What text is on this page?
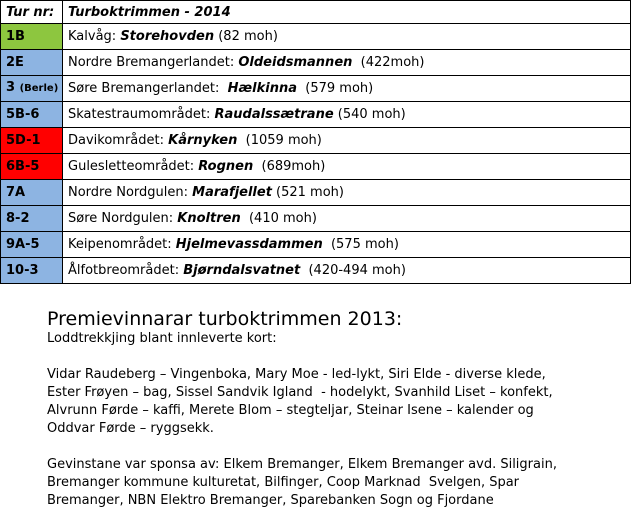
Tur nr:	Turboktrimmen - 2014
1B	Kalvåg: Storehovden (82 moh)
2E	Nordre Bremangerlandet: Oldeidsmannen  (422moh)
3 (Berle)	Søre Bremangerlandet:  Hælkinna  (579 moh)
5B-6	Skatestraumområdet: Raudalssætrane (540 moh)
5D-1	Davikområdet: Kårnyken  (1059 moh)
6B-5	Gulesletteområdet: Rognen  (689moh)
7A	Nordre Nordgulen: Marafjellet (521 moh)
8-2	Søre Nordgulen: Knoltren  (410 moh)
9A-5	Keipenområdet: Hjelmevassdammen  (575 moh)
10-3	Ålfotbreområdet: Bjørndalsvatnet  (420-494 moh)
Premievinnarar turboktrimmen 2013:

Loddtrekkjing blant innleverte kort:

Vidar Raudeberg – Vingenboka, Mary Moe - led-lykt, Siri Elde - diverse klede,

Ester Frøyen – bag, Sissel Sandvik Igland  - hodelykt, Svanhild Liset – konfekt,

Alvrunn Førde – kaffi, Merete Blom – stegteljar, Steinar Isene – kalender og

Oddvar Førde – ryggsekk.

Gevinstane var sponsa av: Elkem Bremanger, Elkem Bremanger avd. Siligrain,

Bremanger kommune kulturetat, Bilfinger, Coop Marknad  Svelgen, Spar

Bremanger, NBN Elektro Bremanger, Sparebanken Sogn og Fjordane
